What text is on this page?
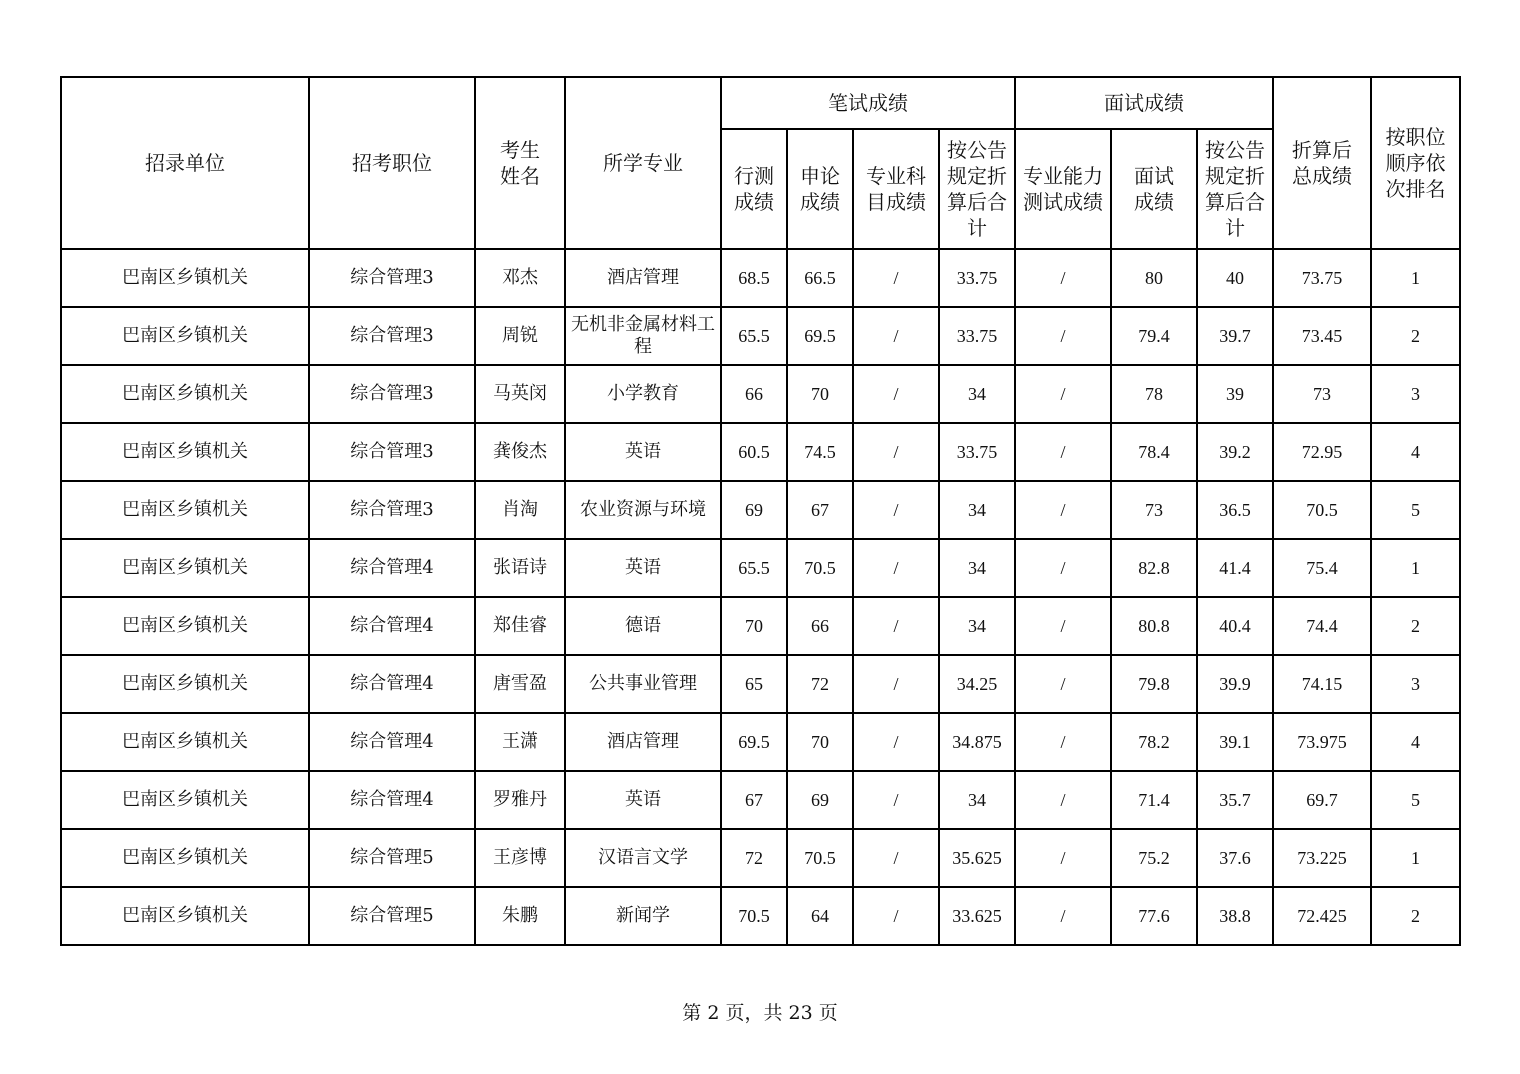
招录单位	招考职位	考生姓名	所学专业	笔试成绩				面试成绩			折算后总成绩	按职位顺序依次排名
				行测成绩	申论成绩	专业科目成绩	按公告规定折算后合计	专业能力测试成绩	面试成绩	按公告规定折算后合计		
巴南区乡镇机关	综合管理3	邓杰	酒店管理	68.5	66.5	/	33.75	/	80	40	73.75	1
巴南区乡镇机关	综合管理3	周锐	无机非金属材料工程	65.5	69.5	/	33.75	/	79.4	39.7	73.45	2
巴南区乡镇机关	综合管理3	马英闵	小学教育	66	70	/	34	/	78	39	73	3
巴南区乡镇机关	综合管理3	龚俊杰	英语	60.5	74.5	/	33.75	/	78.4	39.2	72.95	4
巴南区乡镇机关	综合管理3	肖淘	农业资源与环境	69	67	/	34	/	73	36.5	70.5	5
巴南区乡镇机关	综合管理4	张语诗	英语	65.5	70.5	/	34	/	82.8	41.4	75.4	1
巴南区乡镇机关	综合管理4	郑佳睿	德语	70	66	/	34	/	80.8	40.4	74.4	2
巴南区乡镇机关	综合管理4	唐雪盈	公共事业管理	65	72	/	34.25	/	79.8	39.9	74.15	3
巴南区乡镇机关	综合管理4	王潇	酒店管理	69.5	70	/	34.875	/	78.2	39.1	73.975	4
巴南区乡镇机关	综合管理4	罗雅丹	英语	67	69	/	34	/	71.4	35.7	69.7	5
巴南区乡镇机关	综合管理5	王彦博	汉语言文学	72	70.5	/	35.625	/	75.2	37.6	73.225	1
巴南区乡镇机关	综合管理5	朱鹏	新闻学	70.5	64	/	33.625	/	77.6	38.8	72.425	2
第 2 页，共 23 页
